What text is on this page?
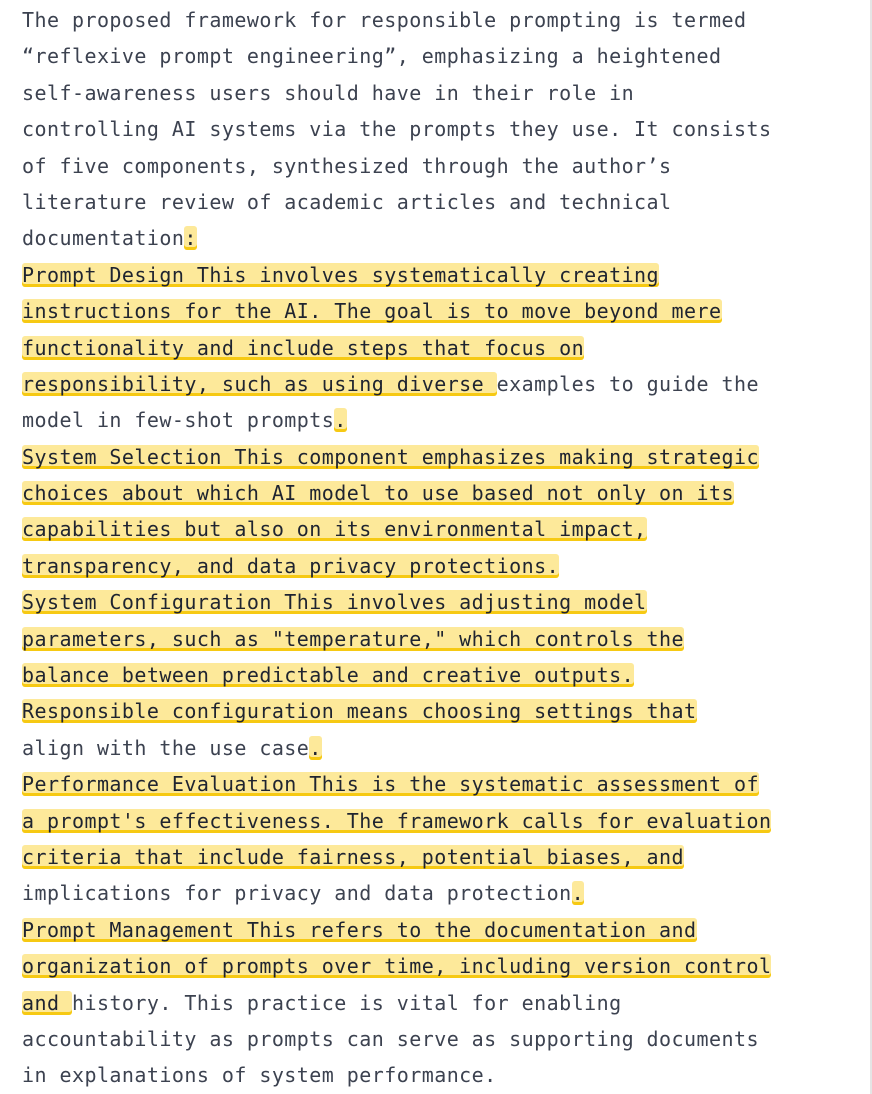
The proposed framework for responsible prompting is termed
“reflexive prompt engineering”, emphasizing a heightened
self-awareness users should have in their role in
controlling AI systems via the prompts they use. It consists
of five components, synthesized through the author’s
literature review of academic articles and technical
documentation:
Prompt Design This involves systematically creating
instructions for the AI. The goal is to move beyond mere
functionality and include steps that focus on
responsibility, such as using diverse examples to guide the
model in few-shot prompts.
System Selection This component emphasizes making strategic
choices about which AI model to use based not only on its
capabilities but also on its environmental impact,
transparency, and data privacy protections.
System Configuration This involves adjusting model
parameters, such as "temperature," which controls the
balance between predictable and creative outputs.
Responsible configuration means choosing settings that
align with the use case.
Performance Evaluation This is the systematic assessment of
a prompt's effectiveness. The framework calls for evaluation
criteria that include fairness, potential biases, and
implications for privacy and data protection.
Prompt Management This refers to the documentation and
organization of prompts over time, including version control
and history. This practice is vital for enabling
accountability as prompts can serve as supporting documents
in explanations of system performance.
